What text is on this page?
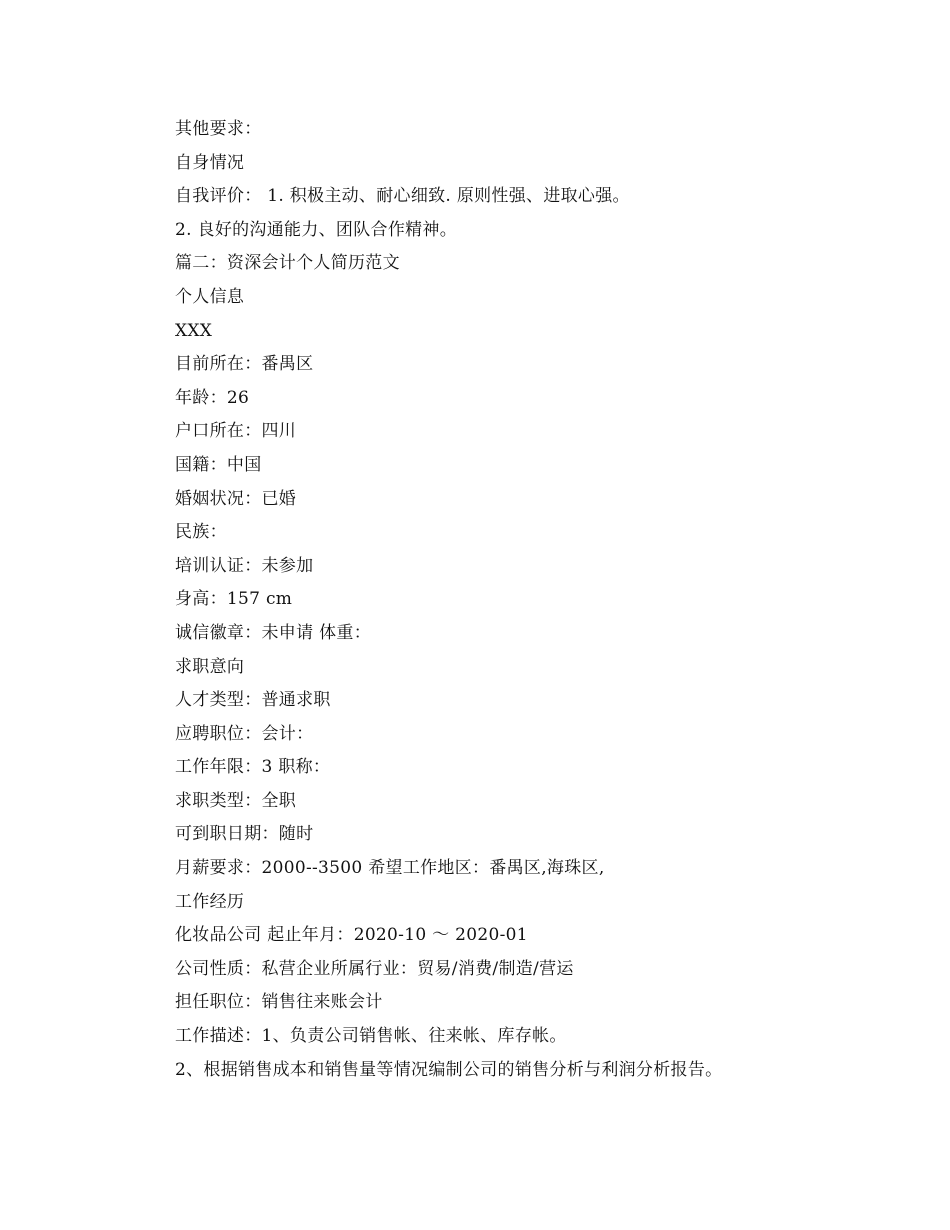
其他要求：
自身情况
自我评价： 1. 积极主动、耐心细致. 原则性强、进取心强。
2. 良好的沟通能力、团队合作精神。
篇二：资深会计个人简历范文
个人信息
XXX
目前所在：番禺区
年龄：26
户口所在：四川
国籍：中国
婚姻状况：已婚
民族：
培训认证：未参加
身高：157 cm
诚信徽章：未申请 体重：
求职意向
人才类型：普通求职
应聘职位：会计：
工作年限：3 职称：
求职类型：全职
可到职日期：随时
月薪要求：2000--3500 希望工作地区：番禺区,海珠区,
工作经历
化妆品公司 起止年月：2020-10 ～ 2020-01
公司性质：私营企业所属行业：贸易/消费/制造/营运
担任职位：销售往来账会计
工作描述：1、负责公司销售帐、往来帐、库存帐。
2、根据销售成本和销售量等情况编制公司的销售分析与利润分析报告。
